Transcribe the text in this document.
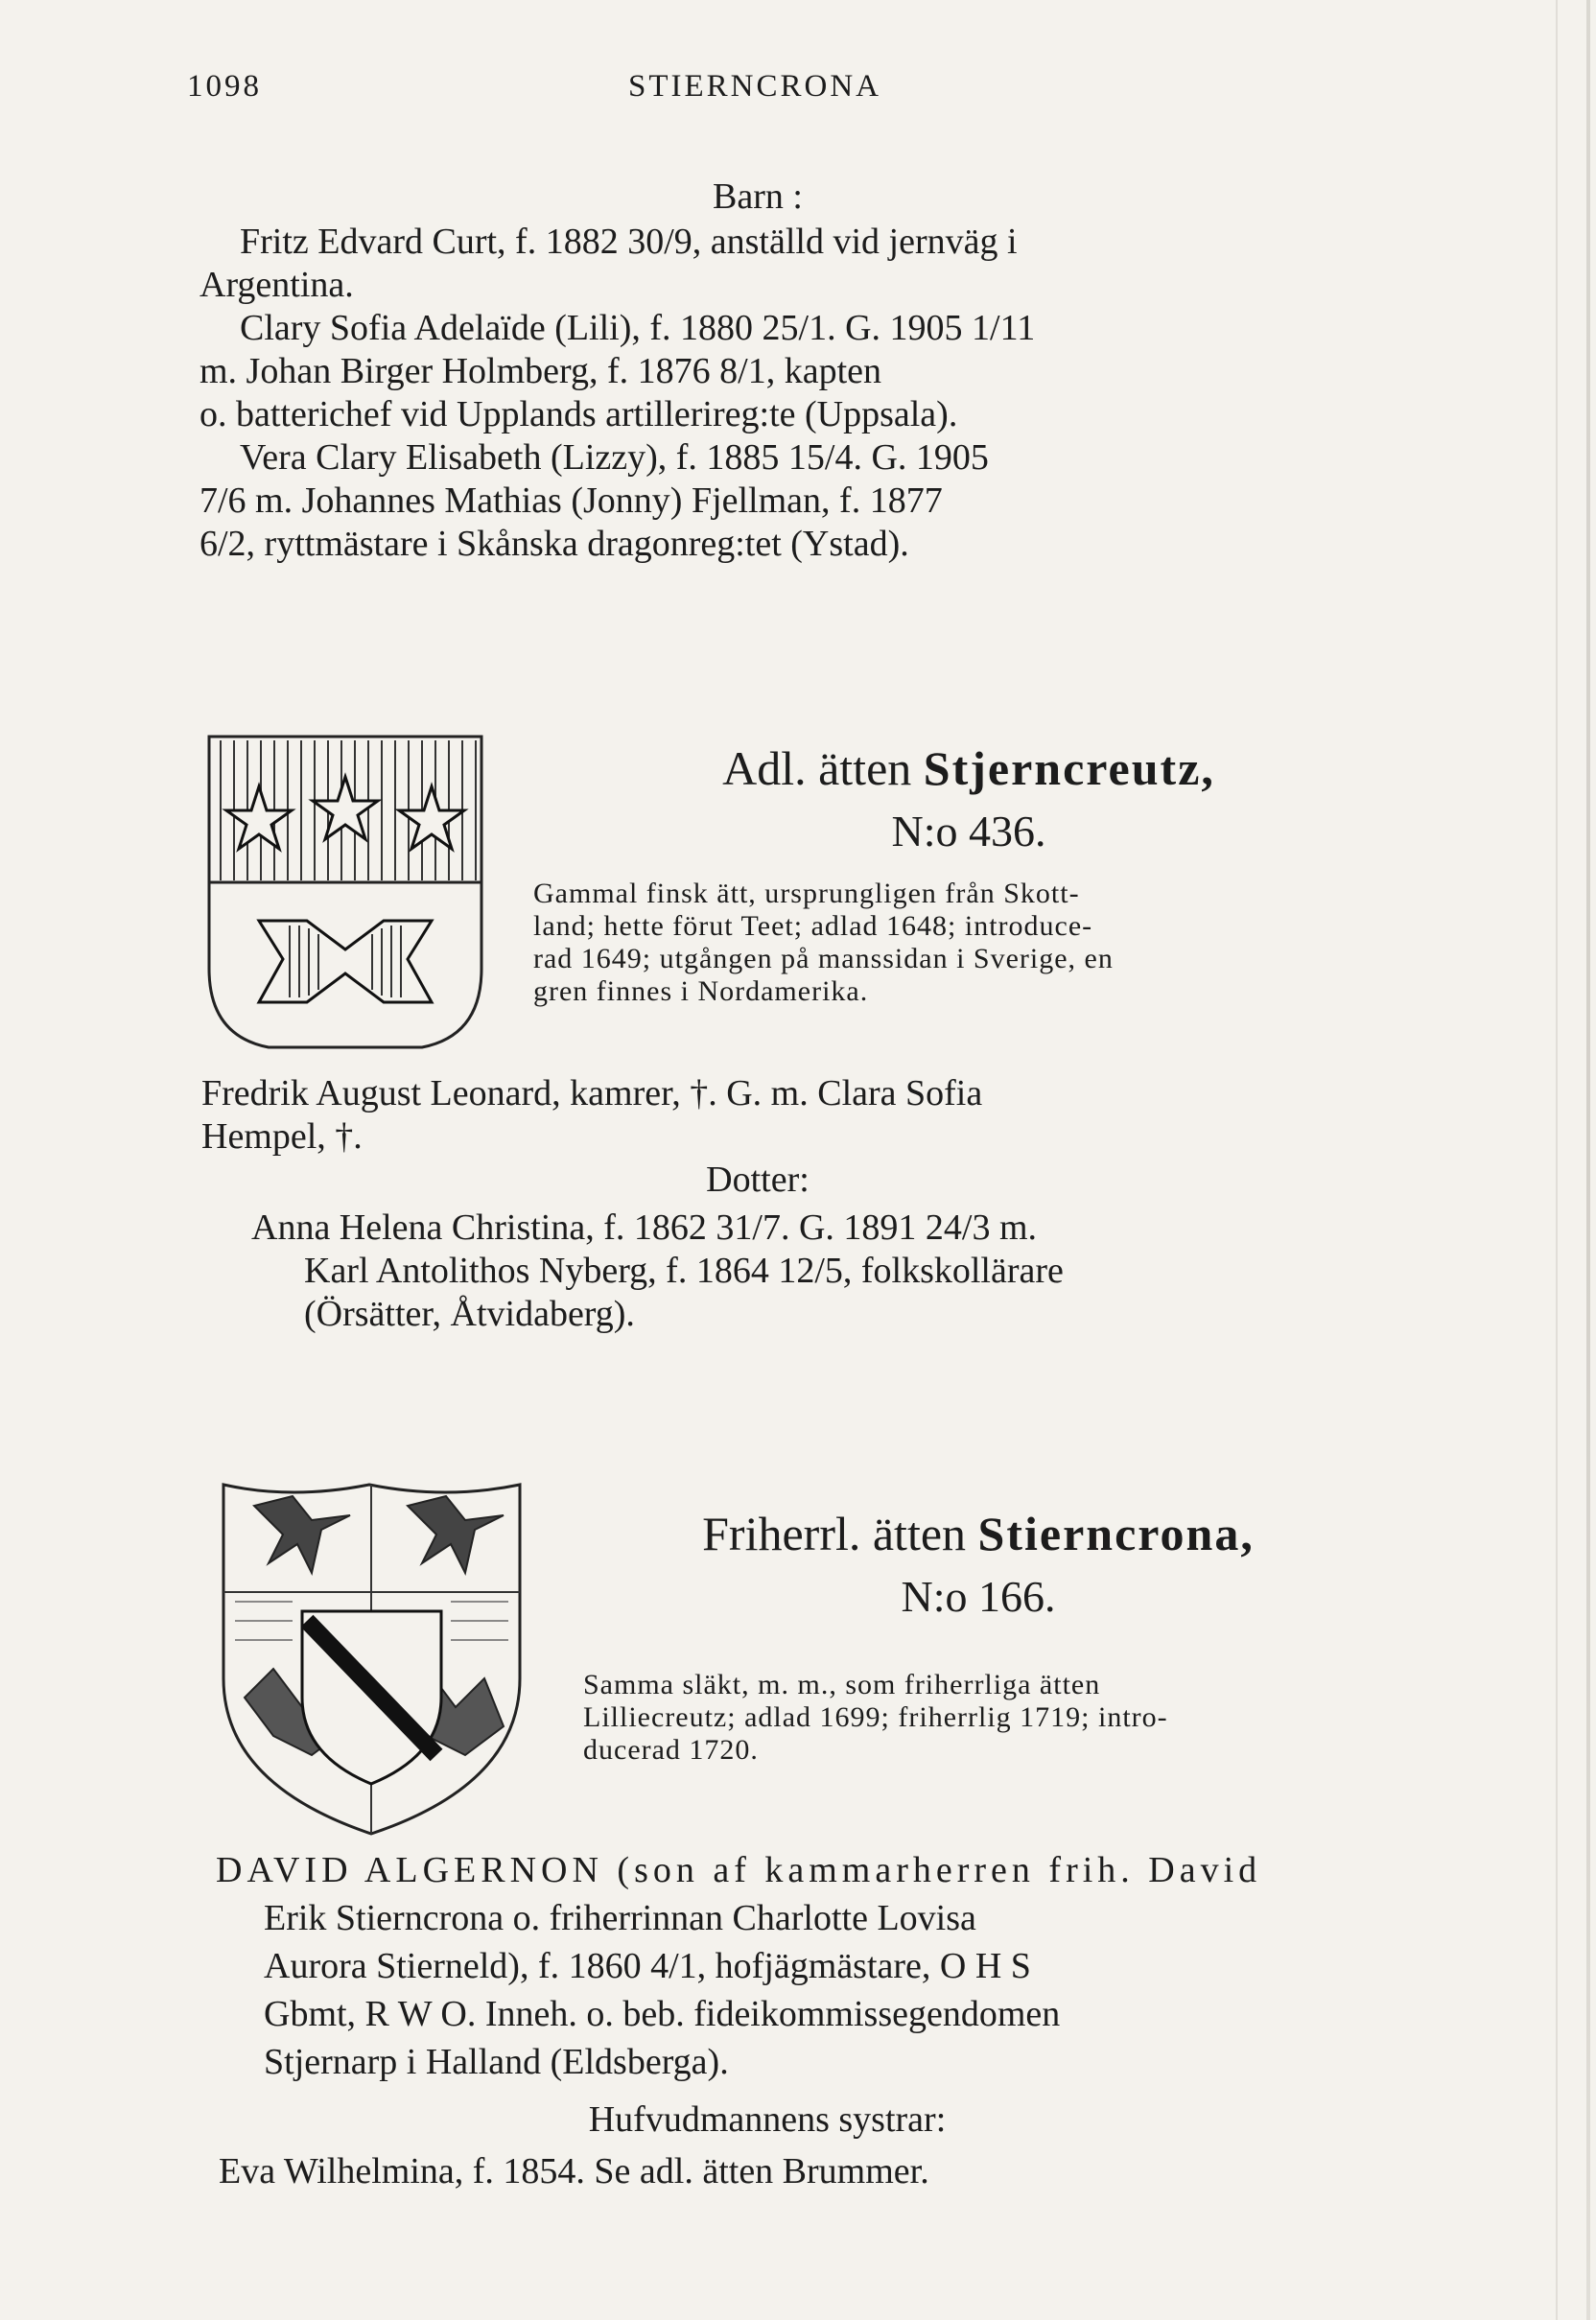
1098	STIERNCRONA
Barn :

Fritz Edvard Curt, f. 1882 30/9, anställd vid jernväg i

Argentina.

Clary Sofia Adelaïde (Lili), f. 1880 25/1. G. 1905 1/11

m. Johan Birger Holmberg, f. 1876 8/1, kapten

o. batterichef vid Upplands artillerireg:te (Uppsala).

Vera Clary Elisabeth (Lizzy), f. 1885 15/4. G. 1905

7/6 m. Johannes Mathias (Jonny) Fjellman, f. 1877

6/2, ryttmästare i Skånska dragonreg:tet (Ystad).

Adl. ätten Stjerncreutz,
N:o 436.

Gammal finsk ätt, ursprungligen från Skott-

land; hette förut Teet; adlad 1648; introduce-

rad 1649; utgången på manssidan i Sverige, en

gren finnes i Nordamerika.

Fredrik August Leonard, kamrer, †. G. m. Clara Sofia

Hempel, †.

Dotter:

Anna Helena Christina, f. 1862 31/7. G. 1891 24/3 m.

Karl Antolithos Nyberg, f. 1864 12/5, folkskollärare

(Örsätter, Åtvidaberg).

Friherrl. ätten Stierncrona,
N:o 166.

Samma släkt, m. m., som friherrliga ätten

Lilliecreutz; adlad 1699; friherrlig 1719; intro-

ducerad 1720.

DAVID ALGERNON (son af kammarherren frih. David

Erik Stierncrona o. friherrinnan Charlotte Lovisa

Aurora Stierneld), f. 1860 4/1, hofjägmästare, O H S

Gbmt, R W O. Inneh. o. beb. fideikommissegendomen

Stjernarp i Halland (Eldsberga).

Hufvudmannens systrar:

Eva Wilhelmina, f. 1854. Se adl. ätten Brummer.
